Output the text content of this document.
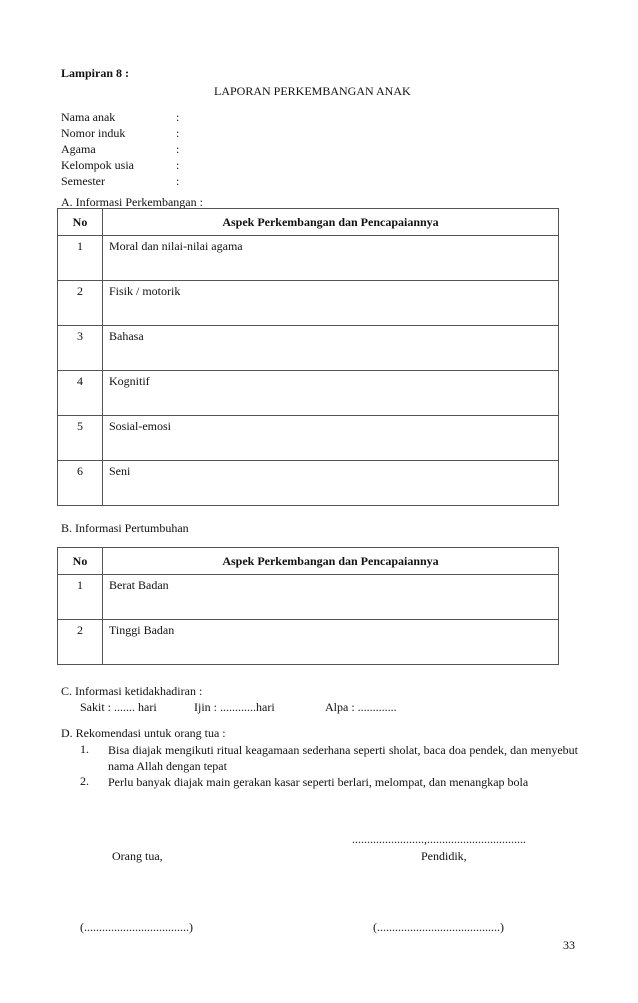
Lampiran 8 :
LAPORAN PERKEMBANGAN ANAK
Nama anak	:
Nomor induk	:
Agama	:
Kelompok usia	:
Semester	:
A. Informasi Perkembangan :
No	Aspek Perkembangan dan Pencapaiannya
1	Moral dan nilai-nilai agama
2	Fisik / motorik
3	Bahasa
4	Kognitif
5	Sosial-emosi
6	Seni
B. Informasi Pertumbuhan
No	Aspek Perkembangan dan Pencapaiannya
1	Berat Badan
2	Tinggi Badan
C. Informasi ketidakhadiran :
Sakit : ....... hari	Ijin : ............hari	Alpa : .............
D. Rekomendasi untuk orang tua :
1. Bisa diajak mengikuti ritual keagamaan sederhana seperti sholat, baca doa pendek, dan menyebut nama Allah dengan tepat
2. Perlu banyak diajak main gerakan kasar seperti berlari, melompat, dan menangkap bola
........................,.................................
Orang tua,	Pendidik,
(...................................)	(.........................................)
33
